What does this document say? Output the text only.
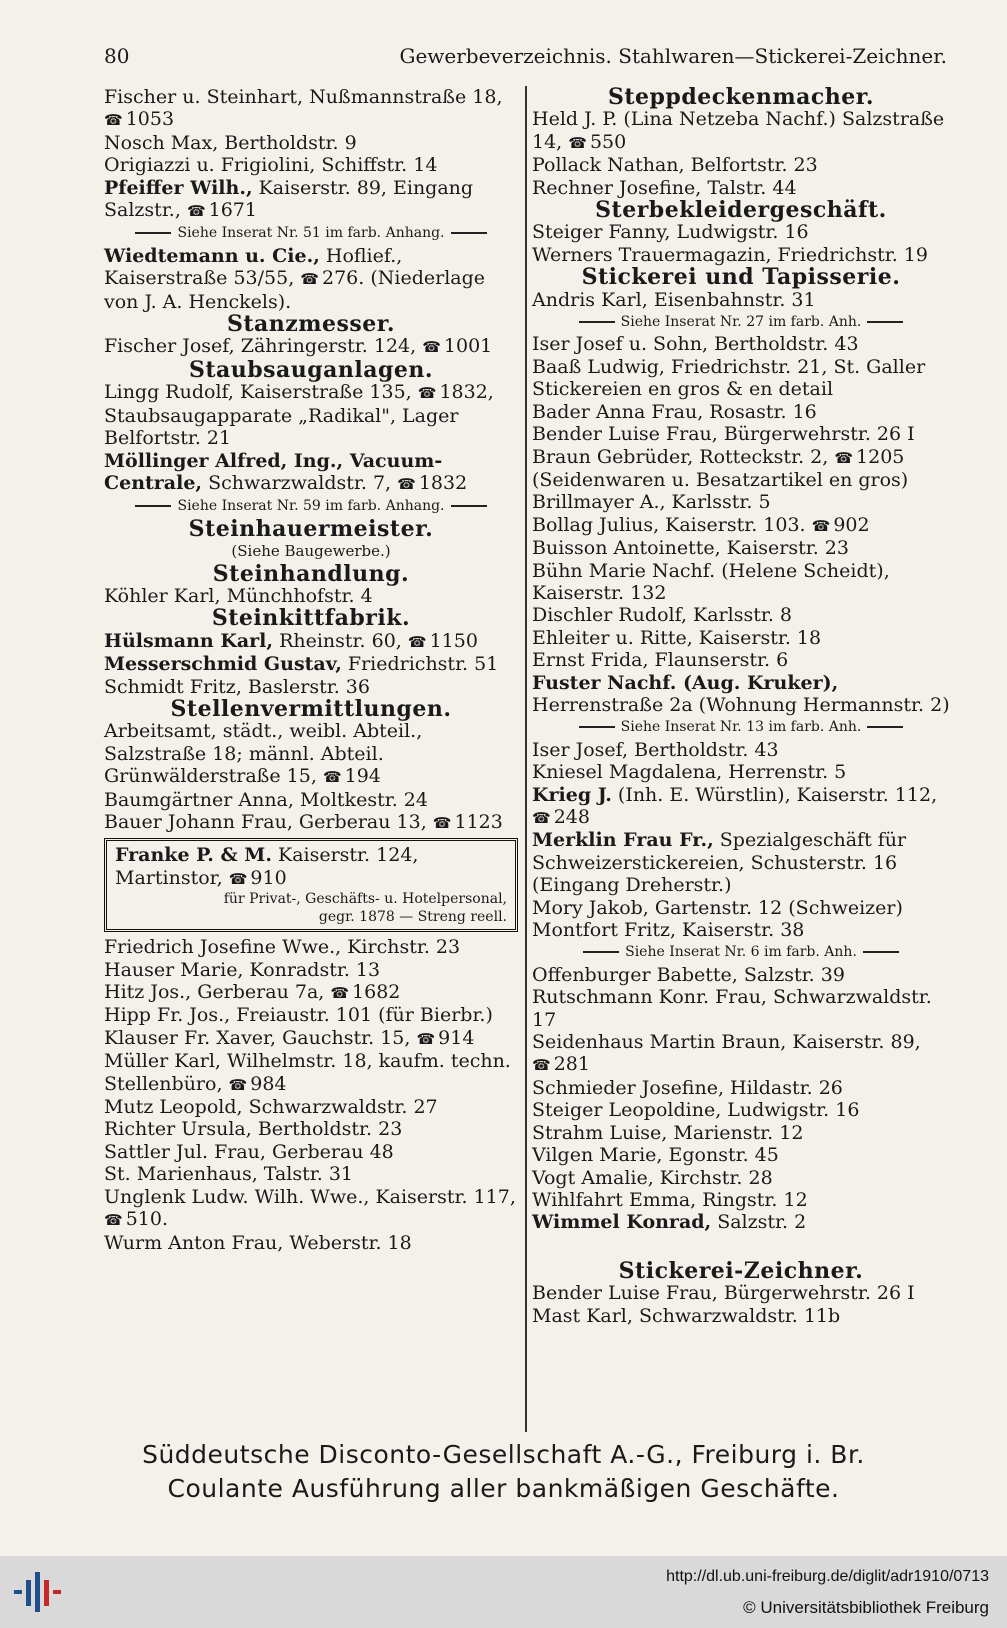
80	Gewerbeverzeichnis. Stahlwaren—Stickerei-Zeichner.

Fischer u. Steinhart, Nußmannstraße 18,
☎ 1053

Nosch Max, Bertholdstr. 9

Origiazzi u. Frigiolini, Schiffstr. 14

Pfeiffer Wilh., Kaiserstr. 89, Eingang Salzstr., ☎ 1671

Siehe Inserat Nr. 51 im farb. Anhang.

Wiedtemann u. Cie., Hoflief., Kaiserstraße 53/55, ☎ 276. (Niederlage von J. A. Henckels).

Stanzmesser.

Fischer Josef, Zähringerstr. 124, ☎ 1001

Staubsauganlagen.

Lingg Rudolf, Kaiserstraße 135, ☎ 1832, Staubsaugapparate „Radikal", Lager Belfortstr. 21

Möllinger Alfred, Ing., Vacuum-Centrale, Schwarzwaldstr. 7, ☎ 1832

Siehe Inserat Nr. 59 im farb. Anhang.

Steinhauermeister.

(Siehe Baugewerbe.)

Steinhandlung.

Köhler Karl, Münchhofstr. 4

Steinkittfabrik.

Hülsmann Karl, Rheinstr. 60, ☎ 1150

Messerschmid Gustav, Friedrichstr. 51

Schmidt Fritz, Baslerstr. 36

Stellenvermittlungen.

Arbeitsamt, städt., weibl. Abteil., Salzstraße 18; männl. Abteil. Grünwälderstraße 15, ☎ 194

Baumgärtner Anna, Moltkestr. 24

Bauer Johann Frau, Gerberau 13, ☎ 1123

Franke P. & M. Kaiserstr. 124, Martinstor, ☎ 910

für Privat-, Geschäfts- u. Hotelpersonal,

gegr. 1878 — Streng reell.

Friedrich Josefine Wwe., Kirchstr. 23

Hauser Marie, Konradstr. 13

Hitz Jos., Gerberau 7a, ☎ 1682

Hipp Fr. Jos., Freiaustr. 101 (für Bierbr.)

Klauser Fr. Xaver, Gauchstr. 15, ☎ 914

Müller Karl, Wilhelmstr. 18, kaufm. techn. Stellenbüro, ☎ 984

Mutz Leopold, Schwarzwaldstr. 27

Richter Ursula, Bertholdstr. 23

Sattler Jul. Frau, Gerberau 48

St. Marienhaus, Talstr. 31

Unglenk Ludw. Wilh. Wwe., Kaiserstr. 117, ☎ 510.

Wurm Anton Frau, Weberstr. 18

Steppdeckenmacher.

Held J. P. (Lina Netzeba Nachf.) Salzstraße 14, ☎ 550

Pollack Nathan, Belfortstr. 23

Rechner Josefine, Talstr. 44

Sterbekleidergeschäft.

Steiger Fanny, Ludwigstr. 16

Werners Trauermagazin, Friedrichstr. 19

Stickerei und Tapisserie.

Andris Karl, Eisenbahnstr. 31

Siehe Inserat Nr. 27 im farb. Anh.

Iser Josef u. Sohn, Bertholdstr. 43

Baaß Ludwig, Friedrichstr. 21, St. Galler Stickereien en gros & en detail

Bader Anna Frau, Rosastr. 16

Bender Luise Frau, Bürgerwehrstr. 26 I

Braun Gebrüder, Rotteckstr. 2, ☎ 1205 (Seidenwaren u. Besatzartikel en gros)

Brillmayer A., Karlsstr. 5

Bollag Julius, Kaiserstr. 103. ☎ 902

Buisson Antoinette, Kaiserstr. 23

Bühn Marie Nachf. (Helene Scheidt), Kaiserstr. 132

Dischler Rudolf, Karlsstr. 8

Ehleiter u. Ritte, Kaiserstr. 18

Ernst Frida, Flaunserstr. 6

Fuster Nachf. (Aug. Kruker), Herrenstraße 2a (Wohnung Hermannstr. 2)

Siehe Inserat Nr. 13 im farb. Anh.

Iser Josef, Bertholdstr. 43

Kniesel Magdalena, Herrenstr. 5

Krieg J. (Inh. E. Würstlin), Kaiserstr. 112, ☎ 248

Merklin Frau Fr., Spezialgeschäft für Schweizerstickereien, Schusterstr. 16 (Eingang Dreherstr.)

Mory Jakob, Gartenstr. 12 (Schweizer)

Montfort Fritz, Kaiserstr. 38

Siehe Inserat Nr. 6 im farb. Anh.

Offenburger Babette, Salzstr. 39

Rutschmann Konr. Frau, Schwarzwaldstr. 17

Seidenhaus Martin Braun, Kaiserstr. 89, ☎ 281

Schmieder Josefine, Hildastr. 26

Steiger Leopoldine, Ludwigstr. 16

Strahm Luise, Marienstr. 12

Vilgen Marie, Egonstr. 45

Vogt Amalie, Kirchstr. 28

Wihlfahrt Emma, Ringstr. 12

Wimmel Konrad, Salzstr. 2

Stickerei-Zeichner.

Bender Luise Frau, Bürgerwehrstr. 26 I

Mast Karl, Schwarzwaldstr. 11b

Süddeutsche Disconto-Gesellschaft A.-G., Freiburg i. Br.
Coulante Ausführung aller bankmäßigen Geschäfte.
http://dl.ub.uni-freiburg.de/diglit/adr1910/0713
© Universitätsbibliothek Freiburg
